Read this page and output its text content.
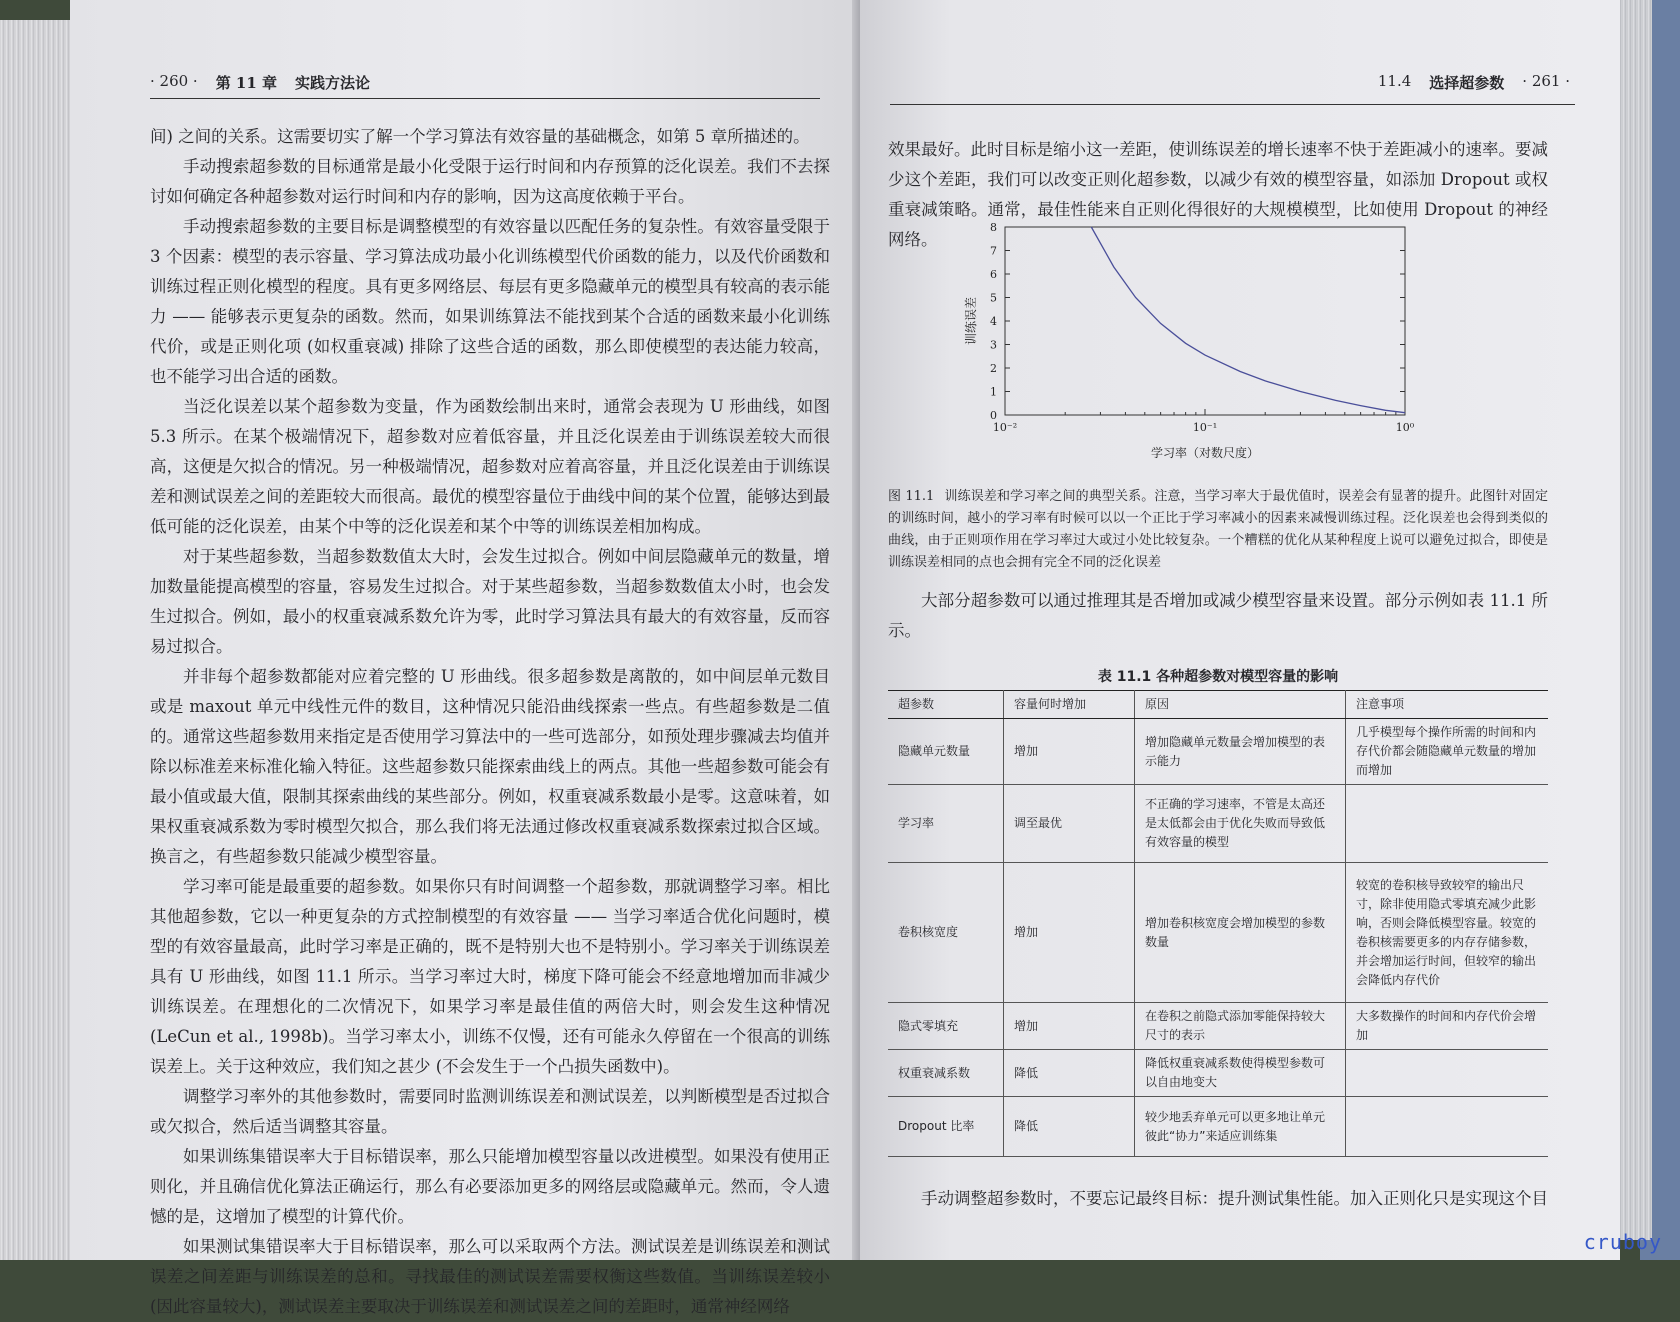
· 260 · 第 11 章 实践方法论

间) 之间的关系。这需要切实了解一个学习算法有效容量的基础概念，如第 5 章所描述的。

手动搜索超参数的目标通常是最小化受限于运行时间和内存预算的泛化误差。我们不去探讨如何确定各种超参数对运行时间和内存的影响，因为这高度依赖于平台。

手动搜索超参数的主要目标是调整模型的有效容量以匹配任务的复杂性。有效容量受限于 3 个因素：模型的表示容量、学习算法成功最小化训练模型代价函数的能力，以及代价函数和训练过程正则化模型的程度。具有更多网络层、每层有更多隐藏单元的模型具有较高的表示能力 —— 能够表示更复杂的函数。然而，如果训练算法不能找到某个合适的函数来最小化训练代价，或是正则化项 (如权重衰减) 排除了这些合适的函数，那么即使模型的表达能力较高，也不能学习出合适的函数。

当泛化误差以某个超参数为变量，作为函数绘制出来时，通常会表现为 U 形曲线，如图 5.3 所示。在某个极端情况下，超参数对应着低容量，并且泛化误差由于训练误差较大而很高，这便是欠拟合的情况。另一种极端情况，超参数对应着高容量，并且泛化误差由于训练误差和测试误差之间的差距较大而很高。最优的模型容量位于曲线中间的某个位置，能够达到最低可能的泛化误差，由某个中等的泛化误差和某个中等的训练误差相加构成。

对于某些超参数，当超参数数值太大时，会发生过拟合。例如中间层隐藏单元的数量，增加数量能提高模型的容量，容易发生过拟合。对于某些超参数，当超参数数值太小时，也会发生过拟合。例如，最小的权重衰减系数允许为零，此时学习算法具有最大的有效容量，反而容易过拟合。

并非每个超参数都能对应着完整的 U 形曲线。很多超参数是离散的，如中间层单元数目或是 maxout 单元中线性元件的数目，这种情况只能沿曲线探索一些点。有些超参数是二值的。通常这些超参数用来指定是否使用学习算法中的一些可选部分，如预处理步骤减去均值并除以标准差来标准化输入特征。这些超参数只能探索曲线上的两点。其他一些超参数可能会有最小值或最大值，限制其探索曲线的某些部分。例如，权重衰减系数最小是零。这意味着，如果权重衰减系数为零时模型欠拟合，那么我们将无法通过修改权重衰减系数探索过拟合区域。换言之，有些超参数只能减少模型容量。

学习率可能是最重要的超参数。如果你只有时间调整一个超参数，那就调整学习率。相比其他超参数，它以一种更复杂的方式控制模型的有效容量 —— 当学习率适合优化问题时，模型的有效容量最高，此时学习率是正确的，既不是特别大也不是特别小。学习率关于训练误差具有 U 形曲线，如图 11.1 所示。当学习率过大时，梯度下降可能会不经意地增加而非减少训练误差。在理想化的二次情况下，如果学习率是最佳值的两倍大时，则会发生这种情况 (LeCun et al., 1998b)。当学习率太小，训练不仅慢，还有可能永久停留在一个很高的训练误差上。关于这种效应，我们知之甚少 (不会发生于一个凸损失函数中)。

调整学习率外的其他参数时，需要同时监测训练误差和测试误差，以判断模型是否过拟合或欠拟合，然后适当调整其容量。

如果训练集错误率大于目标错误率，那么只能增加模型容量以改进模型。如果没有使用正则化，并且确信优化算法正确运行，那么有必要添加更多的网络层或隐藏单元。然而，令人遗憾的是，这增加了模型的计算代价。

如果测试集错误率大于目标错误率，那么可以采取两个方法。测试误差是训练误差和测试误差之间差距与训练误差的总和。寻找最佳的测试误差需要权衡这些数值。当训练误差较小 (因此容量较大)，测试误差主要取决于训练误差和测试误差之间的差距时，通常神经网络

11.4 选择超参数 · 261 ·

效果最好。此时目标是缩小这一差距，使训练误差的增长速率不快于差距减小的速率。要减少这个差距，我们可以改变正则化超参数，以减少有效的模型容量，如添加 Dropout 或权重衰减策略。通常，最佳性能来自正则化得很好的大规模模型，比如使用 Dropout 的神经网络。

0
1
2
3
4
5
6
7
8
10⁻²	10⁻¹	10⁰
学习率（对数尺度）
训练误差
图 11.1 训练误差和学习率之间的典型关系。注意，当学习率大于最优值时，误差会有显著的提升。此图针对固定的训练时间，越小的学习率有时候可以以一个正比于学习率减小的因素来减慢训练过程。泛化误差也会得到类似的曲线，由于正则项作用在学习率过大或过小处比较复杂。一个糟糕的优化从某种程度上说可以避免过拟合，即使是训练误差相同的点也会拥有完全不同的泛化误差

大部分超参数可以通过推理其是否增加或减少模型容量来设置。部分示例如表 11.1 所示。

表 11.1 各种超参数对模型容量的影响
超参数	容量何时增加	原因	注意事项
隐藏单元数量	增加	增加隐藏单元数量会增加模型的表示能力	几乎模型每个操作所需的时间和内存代价都会随隐藏单元数量的增加而增加
学习率	调至最优	不正确的学习速率，不管是太高还是太低都会由于优化失败而导致低有效容量的模型	
卷积核宽度	增加	增加卷积核宽度会增加模型的参数数量	较宽的卷积核导致较窄的输出尺寸，除非使用隐式零填充减少此影响，否则会降低模型容量。较宽的卷积核需要更多的内存存储参数，并会增加运行时间，但较窄的输出会降低内存代价
隐式零填充	增加	在卷积之前隐式添加零能保持较大尺寸的表示	大多数操作的时间和内存代价会增加
权重衰减系数	降低	降低权重衰减系数使得模型参数可以自由地变大	
Dropout 比率	降低	较少地丢弃单元可以更多地让单元彼此“协力”来适应训练集	

手动调整超参数时，不要忘记最终目标：提升测试集性能。加入正则化只是实现这个目

cruboy
